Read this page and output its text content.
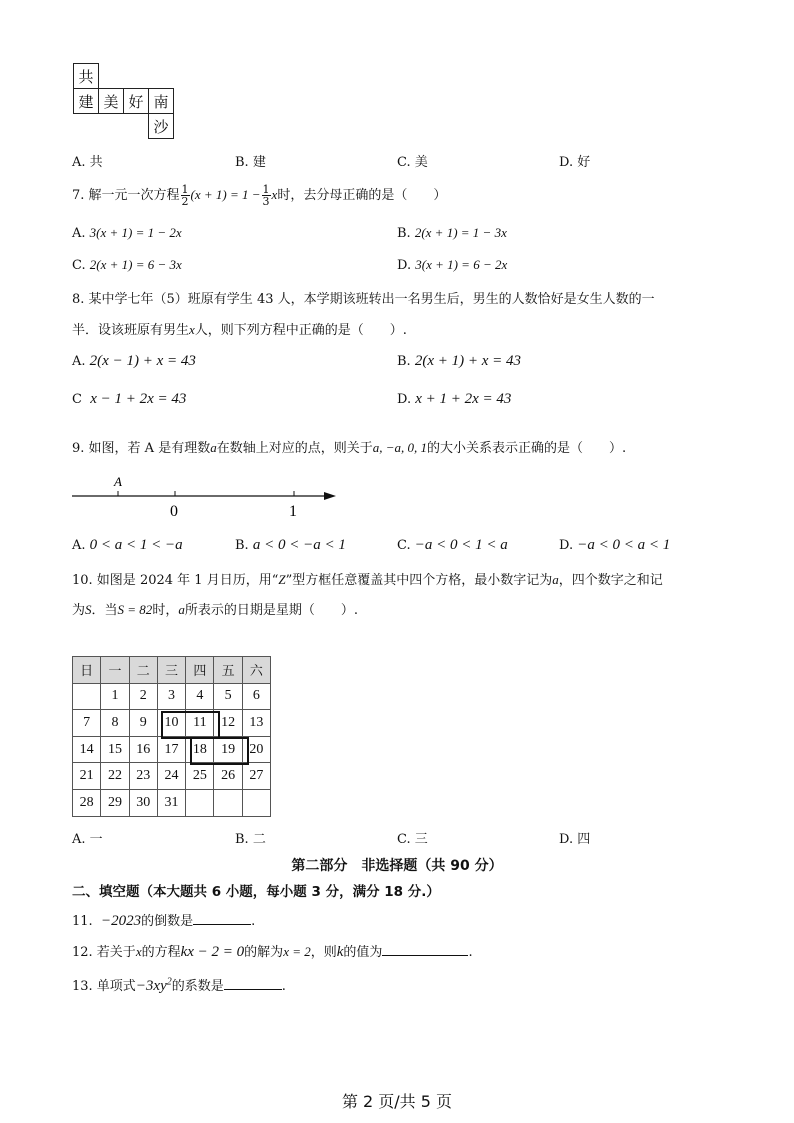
共
建 美 好 南
沙
A. 共	B. 建	C. 美	D. 好
7. 解一元一次方程 $\frac{1}{2} (x + 1) = 1 - \frac{1}{3}$ x时，去分母正确的是（　　）
A. 3(x + 1) = 1 − 2x	B. 2(x + 1) = 1 − 3x
C. 2(x + 1) = 6 − 3x	D. 3(x + 1) = 6 − 2x
8. 某中学七年（5）班原有学生 43 人，本学期该班转出一名男生后，男生的人数恰好是女生人数的一
半．设该班原有男生x人，则下列方程中正确的是（　　）.
A. 2(x − 1) + x = 43	B. 2(x + 1) + x = 43
C x − 1 + 2x = 43	D. x + 1 + 2x = 43
9. 如图，若 A 是有理数a在数轴上对应的点，则关于a, −a, 0, 1的大小关系表示正确的是（　　）.
A
0	1
A. 0 < a < 1 < −a	B. a < 0 < −a < 1	C. −a < 0 < 1 < a	D. −a < 0 < a < 1
10. 如图是 2024 年 1 月日历，用“Z”型方框任意覆盖其中四个方格，最小数字记为a，四个数字之和记
为S．当S = 82时，a所表示的日期是星期（　　）.
日	一	二	三	四	五	六
	1	2	3	4	5	6
7	8	9	10	11	12	13
14	15	16	17	18	19	20
21	22	23	24	25	26	27
28	29	30	31			
A. 一	B. 二	C. 三	D. 四
第二部分　非选择题（共 90 分）
二、填空题（本大题共 6 小题，每小题 3 分，满分 18 分.）
11. −2023的倒数是	.
12. 若关于x的方程kx − 2 = 0的解为x = 2，则k的值为	.
13. 单项式$-3xy^2$的系数是	.
第 2 页/共 5 页
